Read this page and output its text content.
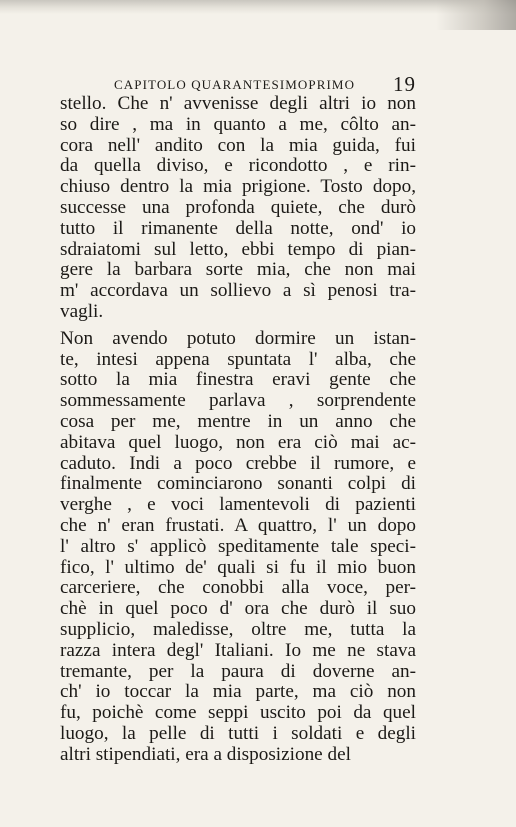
CAPITOLO QUARANTESIMOPRIMO 19
stello. Che n' avvenisse degli altri io non
so dire , ma in quanto a me, côlto an-
cora nell' andito con la mia guida, fui
da quella diviso, e ricondotto , e rin-
chiuso dentro la mia prigione. Tosto dopo,
successe una profonda quiete, che durò
tutto il rimanente della notte, ond' io
sdraiatomi sul letto, ebbi tempo di pian-
gere la barbara sorte mia, che non mai
m' accordava un sollievo a sì penosi tra-
vagli.
Non avendo potuto dormire un istan-
te, intesi appena spuntata l' alba, che
sotto la mia finestra eravi gente che
sommessamente parlava , sorprendente
cosa per me, mentre in un anno che
abitava quel luogo, non era ciò mai ac-
caduto. Indi a poco crebbe il rumore, e
finalmente cominciarono sonanti colpi di
verghe , e voci lamentevoli di pazienti
che n' eran frustati. A quattro, l' un dopo
l' altro s' applicò speditamente tale speci-
fico, l' ultimo de' quali si fu il mio buon
carceriere, che conobbi alla voce, per-
chè in quel poco d' ora che durò il suo
supplicio, maledisse, oltre me, tutta la
razza intera degl' Italiani. Io me ne stava
tremante, per la paura di doverne an-
ch' io toccar la mia parte, ma ciò non
fu, poichè come seppi uscito poi da quel
luogo, la pelle di tutti i soldati e degli
altri stipendiati, era a disposizione del
